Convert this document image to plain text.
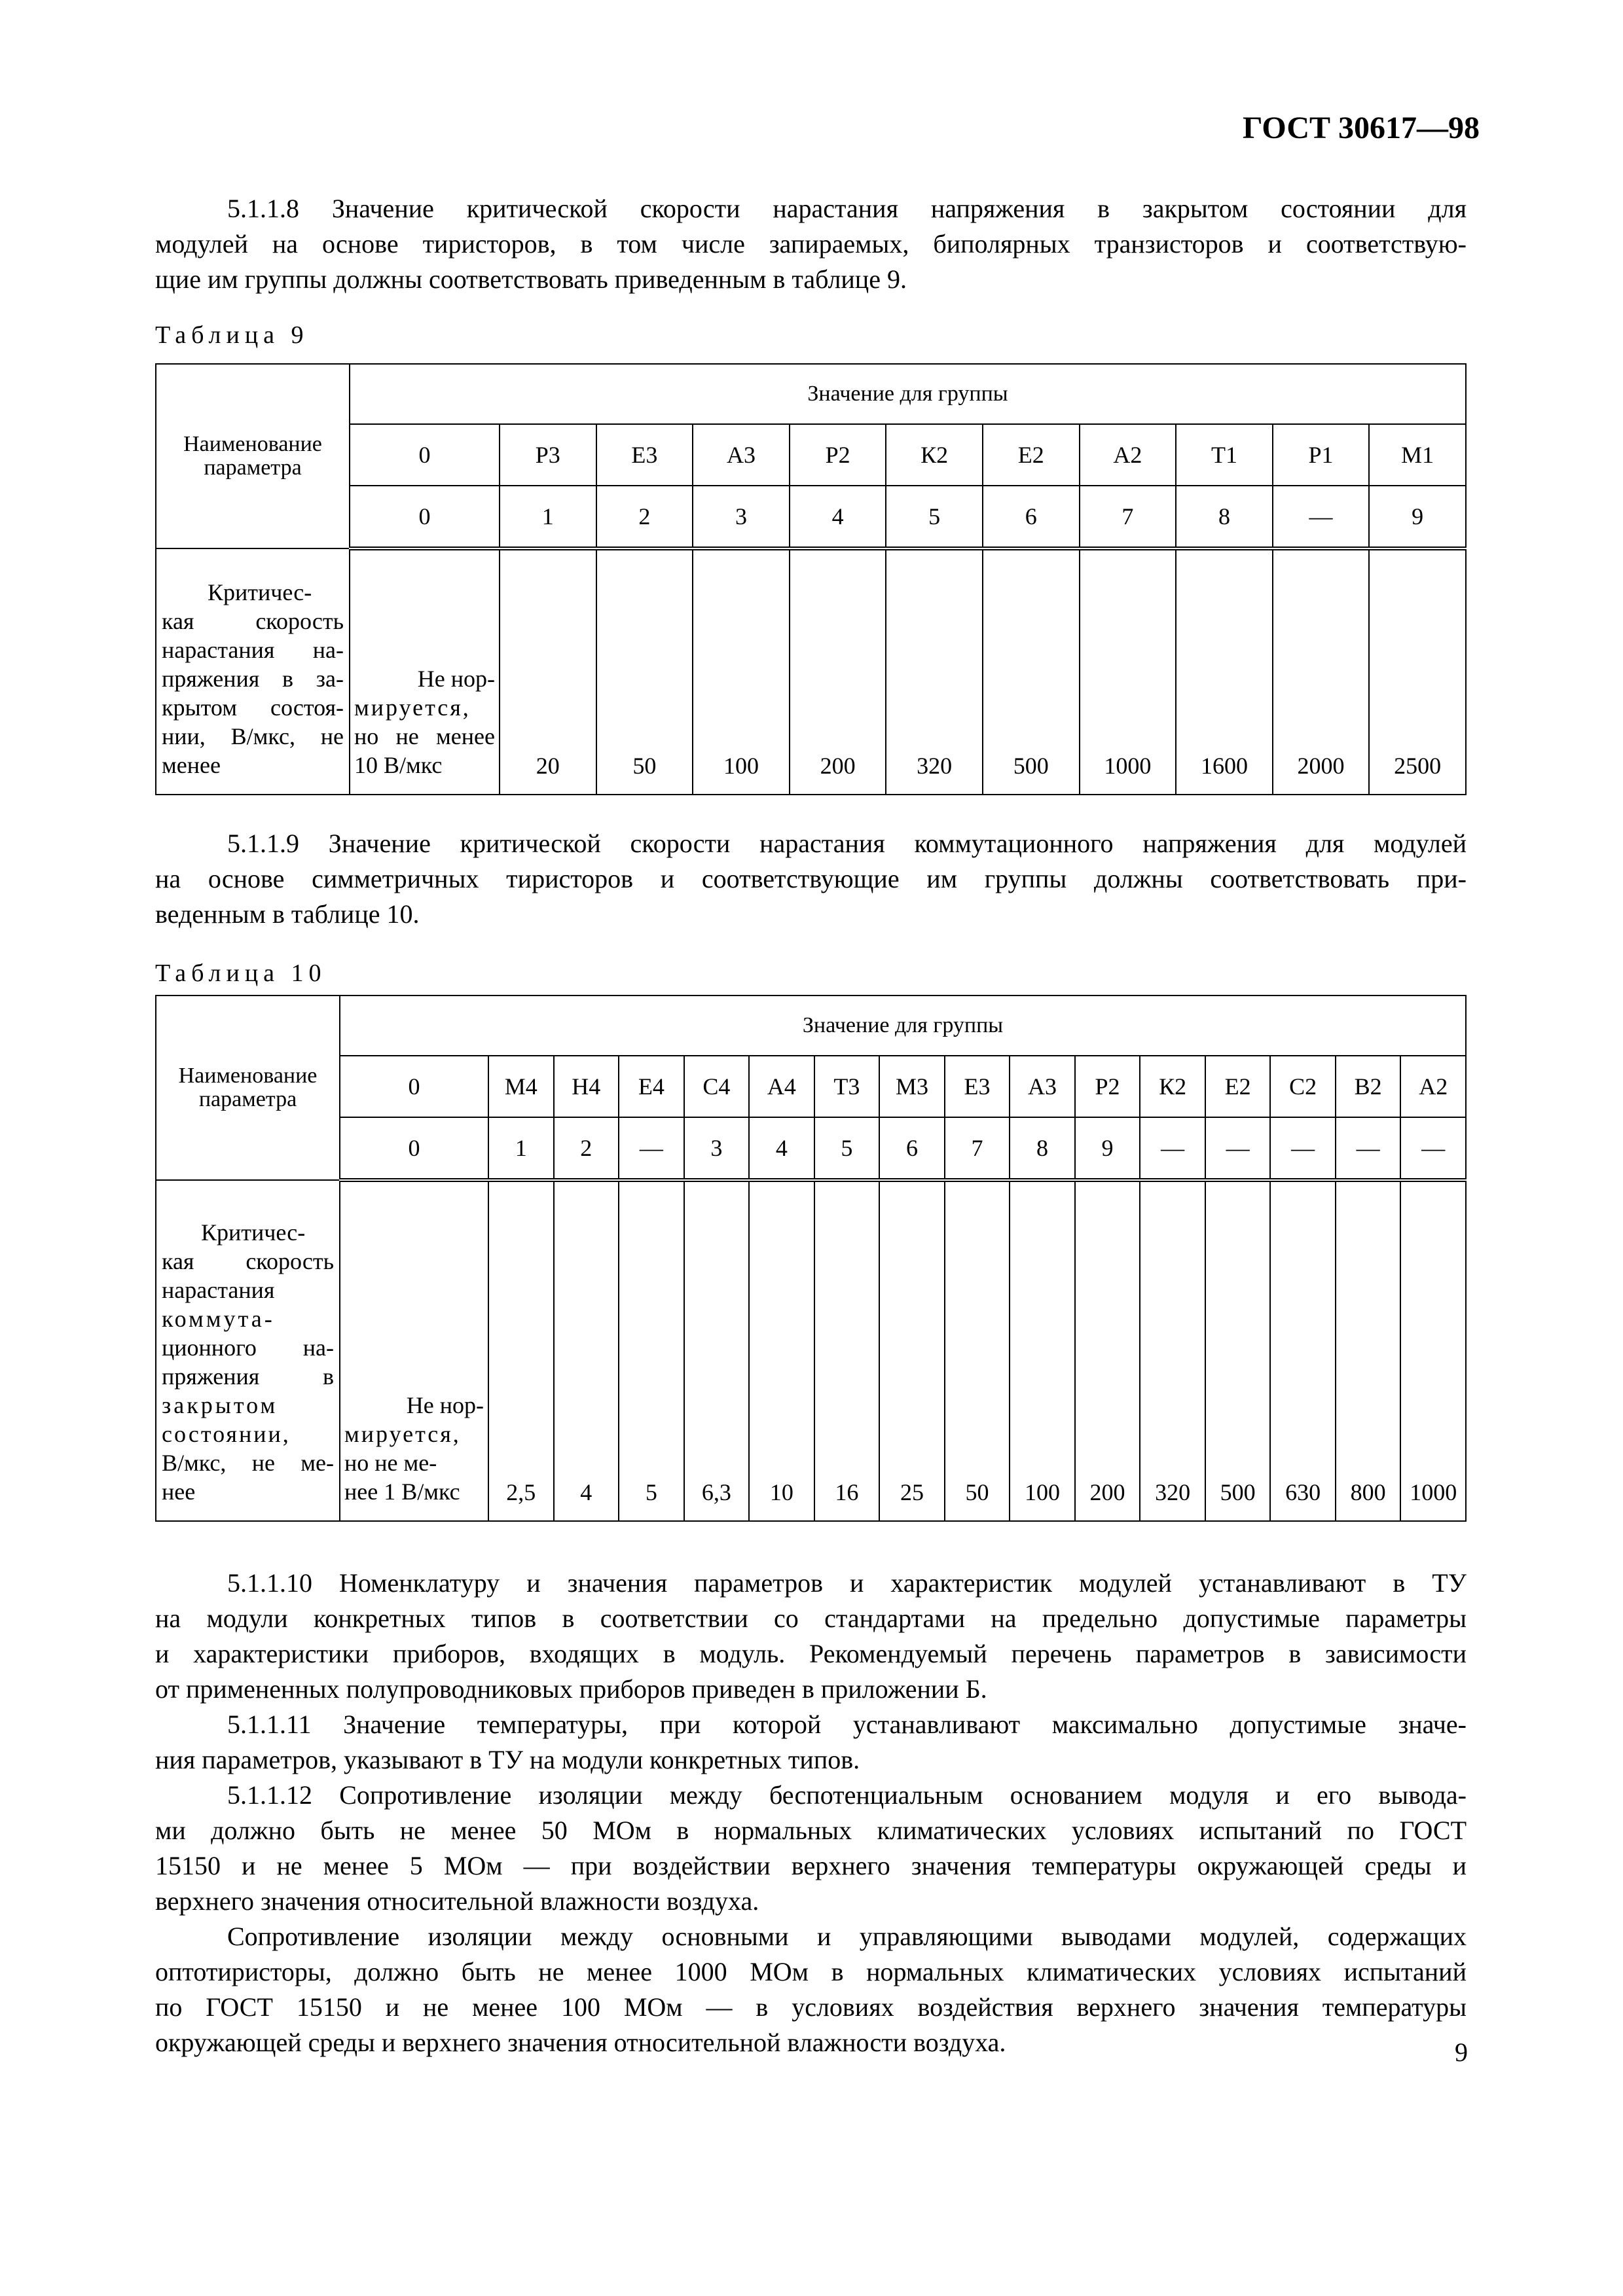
ГОСТ 30617—98
5.1.1.8 Значение критической скорости нарастания напряжения в закрытом состоянии для
модулей на основе тиристоров, в том числе запираемых, биполярных транзисторов и соответствую-
щие им группы должны соответствовать приведенным в таблице 9.
Таблица 9
Наименование параметра	Значение для группы										
	0	Р3	Е3	А3	Р2	К2	Е2	А2	Т1	Р1	М1
	0	1	2	3	4	5	6	7	8	—	9

Критичес-
кая скорость
нарастания на-
пряжения в за-
крытом состоя-
нии, В/мкс, не
менее

Не нор-
мируется,
но не менее
10 В/мкс	20	50	100	200	320	500	1000	1600	2000	2500
5.1.1.9 Значение критической скорости нарастания коммутационного напряжения для модулей
на основе симметричных тиристоров и соответствующие им группы должны соответствовать при-
веденным в таблице 10.
Таблица 10
Наименование параметра	Значение для группы															
	0	М4	Н4	Е4	С4	А4	Т3	М3	Е3	А3	Р2	К2	Е2	С2	В2	А2
	0	1	2	—	3	4	5	6	7	8	9	—	—	—	—	—

Критичес-
кая скорость
нарастания
коммута-
ционного на-
пряжения в
закрытом
состоянии,
В/мкс, не ме-
нее

Не нор-
мируется,
но не ме-
нее 1 В/мкс	2,5	4	5	6,3	10	16	25	50	100	200	320	500	630	800	1000
5.1.1.10 Номенклатуру и значения параметров и характеристик модулей устанавливают в ТУ
на модули конкретных типов в соответствии со стандартами на предельно допустимые параметры
и характеристики приборов, входящих в модуль. Рекомендуемый перечень параметров в зависимости
от примененных полупроводниковых приборов приведен в приложении Б.
5.1.1.11 Значение температуры, при которой устанавливают максимально допустимые значе-
ния параметров, указывают в ТУ на модули конкретных типов.
5.1.1.12 Сопротивление изоляции между беспотенциальным основанием модуля и его вывода-
ми должно быть не менее 50 МОм в нормальных климатических условиях испытаний по ГОСТ
15150 и не менее 5 МОм — при воздействии верхнего значения температуры окружающей среды и
верхнего значения относительной влажности воздуха.
Сопротивление изоляции между основными и управляющими выводами модулей, содержащих
оптотиристоры, должно быть не менее 1000 МОм в нормальных климатических условиях испытаний
по ГОСТ 15150 и не менее 100 МОм — в условиях воздействия верхнего значения температуры
окружающей среды и верхнего значения относительной влажности воздуха.	9
